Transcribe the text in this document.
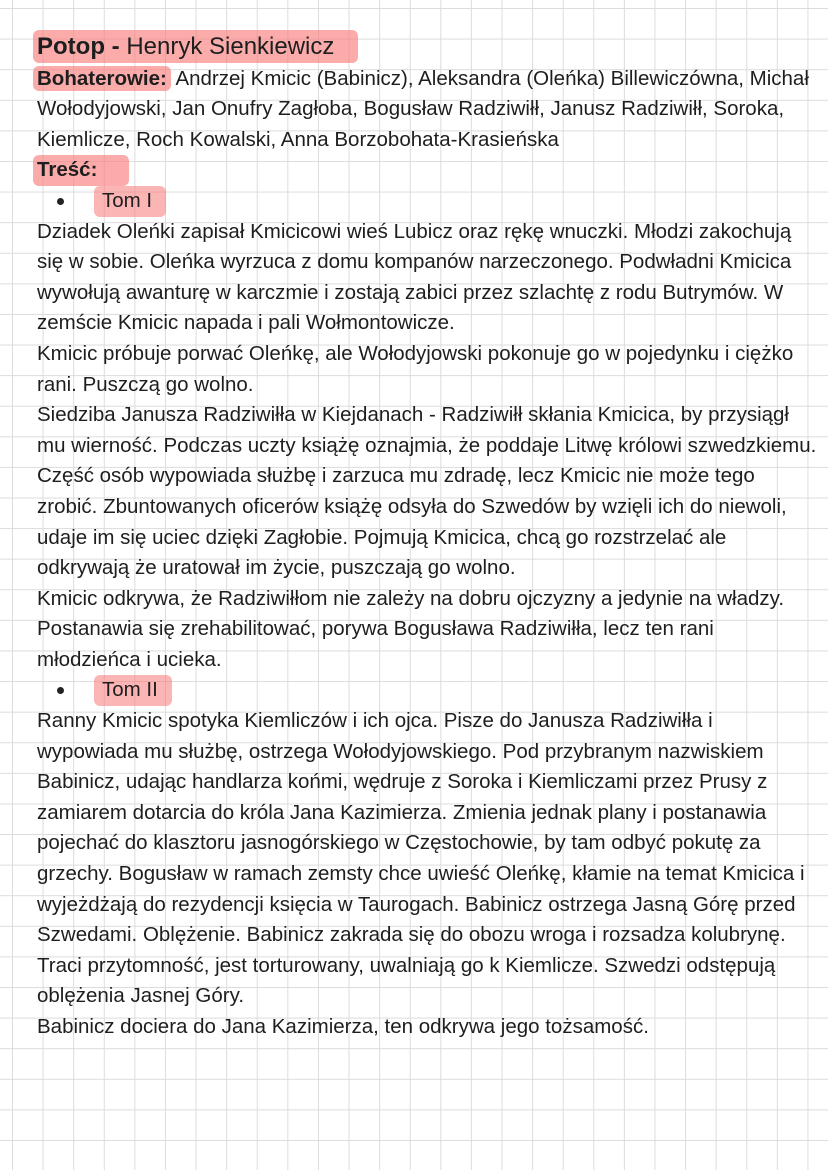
Potop - Henryk Sienkiewicz

Bohaterowie: Andrzej Kmicic (Babinicz), Aleksandra (Oleńka) Billewiczówna, Michał Wołodyjowski, Jan Onufry Zagłoba, Bogusław Radziwiłł, Janusz Radziwiłł, Soroka, Kiemlicze, Roch Kowalski, Anna Borzobohata-Krasieńska

Treść:
Tom I

Dziadek Oleńki zapisał Kmicicowi wieś Lubicz oraz rękę wnuczki. Młodzi zakochują się w sobie. Oleńka wyrzuca z domu kompanów narzeczonego. Podwładni Kmicica wywołują awanturę w karczmie i zostają zabici przez szlachtę z rodu Butrymów. W zemście Kmicic napada i pali Wołmontowicze.

Kmicic próbuje porwać Oleńkę, ale Wołodyjowski pokonuje go w pojedynku i ciężko rani. Puszczą go wolno.

Siedziba Janusza Radziwiłła w Kiejdanach - Radziwiłł skłania Kmicica, by przysiągł mu wierność. Podczas uczty książę oznajmia, że poddaje Litwę królowi szwedzkiemu. Część osób wypowiada służbę i zarzuca mu zdradę, lecz Kmicic nie może tego zrobić. Zbuntowanych oficerów książę odsyła do Szwedów by wzięli ich do niewoli, udaje im się uciec dzięki Zagłobie. Pojmują Kmicica, chcą go rozstrzelać ale odkrywają że uratował im życie, puszczają go wolno.

Kmicic odkrywa, że Radziwiłłom nie zależy na dobru ojczyzny a jedynie na władzy. Postanawia się zrehabilitować, porywa Bogusława Radziwiłła, lecz ten rani młodzieńca i ucieka.

Tom II

Ranny Kmicic spotyka Kiemliczów i ich ojca. Pisze do Janusza Radziwiłła i wypowiada mu służbę, ostrzega Wołodyjowskiego. Pod przybranym nazwiskiem Babinicz, udając handlarza końmi, wędruje z Soroka i Kiemliczami przez Prusy z zamiarem dotarcia do króla Jana Kazimierza. Zmienia jednak plany i postanawia pojechać do klasztoru jasnogórskiego w Częstochowie, by tam odbyć pokutę za grzechy. Bogusław w ramach zemsty chce uwieść Oleńkę, kłamie na temat Kmicica i wyjeżdżają do rezydencji księcia w Taurogach. Babinicz ostrzega Jasną Górę przed Szwedami. Oblężenie. Babinicz zakrada się do obozu wroga i rozsadza kolubrynę. Traci przytomność, jest torturowany, uwalniają go k Kiemlicze. Szwedzi odstępują oblężenia Jasnej Góry.

Babinicz dociera do Jana Kazimierza, ten odkrywa jego tożsamość.
